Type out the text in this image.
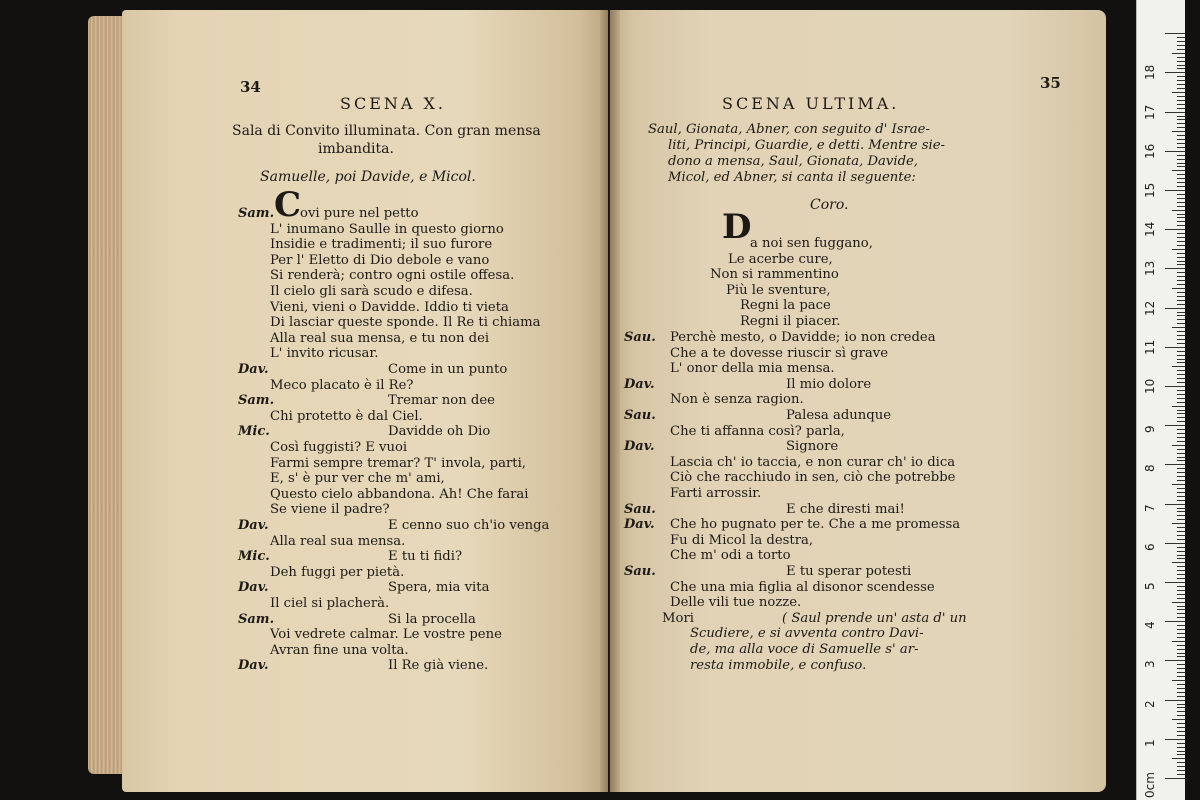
34
SCENA X.
Sala di Convito illuminata. Con gran mensa
imbandita.
Samuelle, poi Davide, e Micol.
C
Sam. ovi pure nel petto
L' inumano Saulle in questo giorno
Insidie e tradimenti; il suo furore
Per l' Eletto di Dio debole e vano
Si renderà; contro ogni ostile offesa.
Il cielo gli sarà scudo e difesa.
Vieni, vieni o Davidde. Iddio ti vieta
Di lasciar queste sponde. Il Re ti chiama
Alla real sua mensa, e tu non dei
L' invito ricusar.
Dav.	Come in un punto
Meco placato è il Re?
Sam.	Tremar non dee
Chi protetto è dal Ciel.
Mic.	Davidde oh Dio
Così fuggisti? E vuoi
Farmi sempre tremar? T' invola, parti,
E, s' è pur ver che m' ami,
Questo cielo abbandona. Ah! Che farai
Se viene il padre?
Dav.	E cenno suo ch'io venga
Alla real sua mensa.
Mic.	E tu ti fidi?
Deh fuggi per pietà.
Dav.	Spera, mia vita
Il ciel si placherà.
Sam.	Si la procella
Voi vedrete calmar. Le vostre pene
Avran fine una volta.
Dav.	Il Re già viene.
35
SCENA ULTIMA.
Saul, Gionata, Abner, con seguito d' Israe-
liti, Principi, Guardie, e detti. Mentre sie-
dono a mensa, Saul, Gionata, Davide,
Micol, ed Abner, si canta il seguente:
Coro.
D
a noi sen fuggano,
Le acerbe cure,
Non si rammentino
Più le sventure,
Regni la pace
Regni il piacer.
Sau. Perchè mesto, o Davidde; io non credea
Che a te dovesse riuscir sì grave
L' onor della mia mensa.
Dav.	Il mio dolore
Non è senza ragion.
Sau.	Palesa adunque
Che ti affanna così? parla,
Dav.	Signore
Lascia ch' io taccia, e non curar ch' io dica
Ciò che racchiudo in sen, ciò che potrebbe
Farti arrossir.
Sau.	E che diresti mai!
Dav. Che ho pugnato per te. Che a me promessa
Fu di Micol la destra,
Che m' odi a torto
Sau.	E tu sperar potesti
Che una mia figlia al disonor scendesse
Delle vili tue nozze.
Mori	( Saul prende un' asta d' un
Scudiere, e si avventa contro Davi-
de, ma alla voce di Samuelle s' ar-
resta immobile, e confuso.
0cm
1
2
3
4
5
6
7
8
9
10
11
12
13
14
15
16
17
18
